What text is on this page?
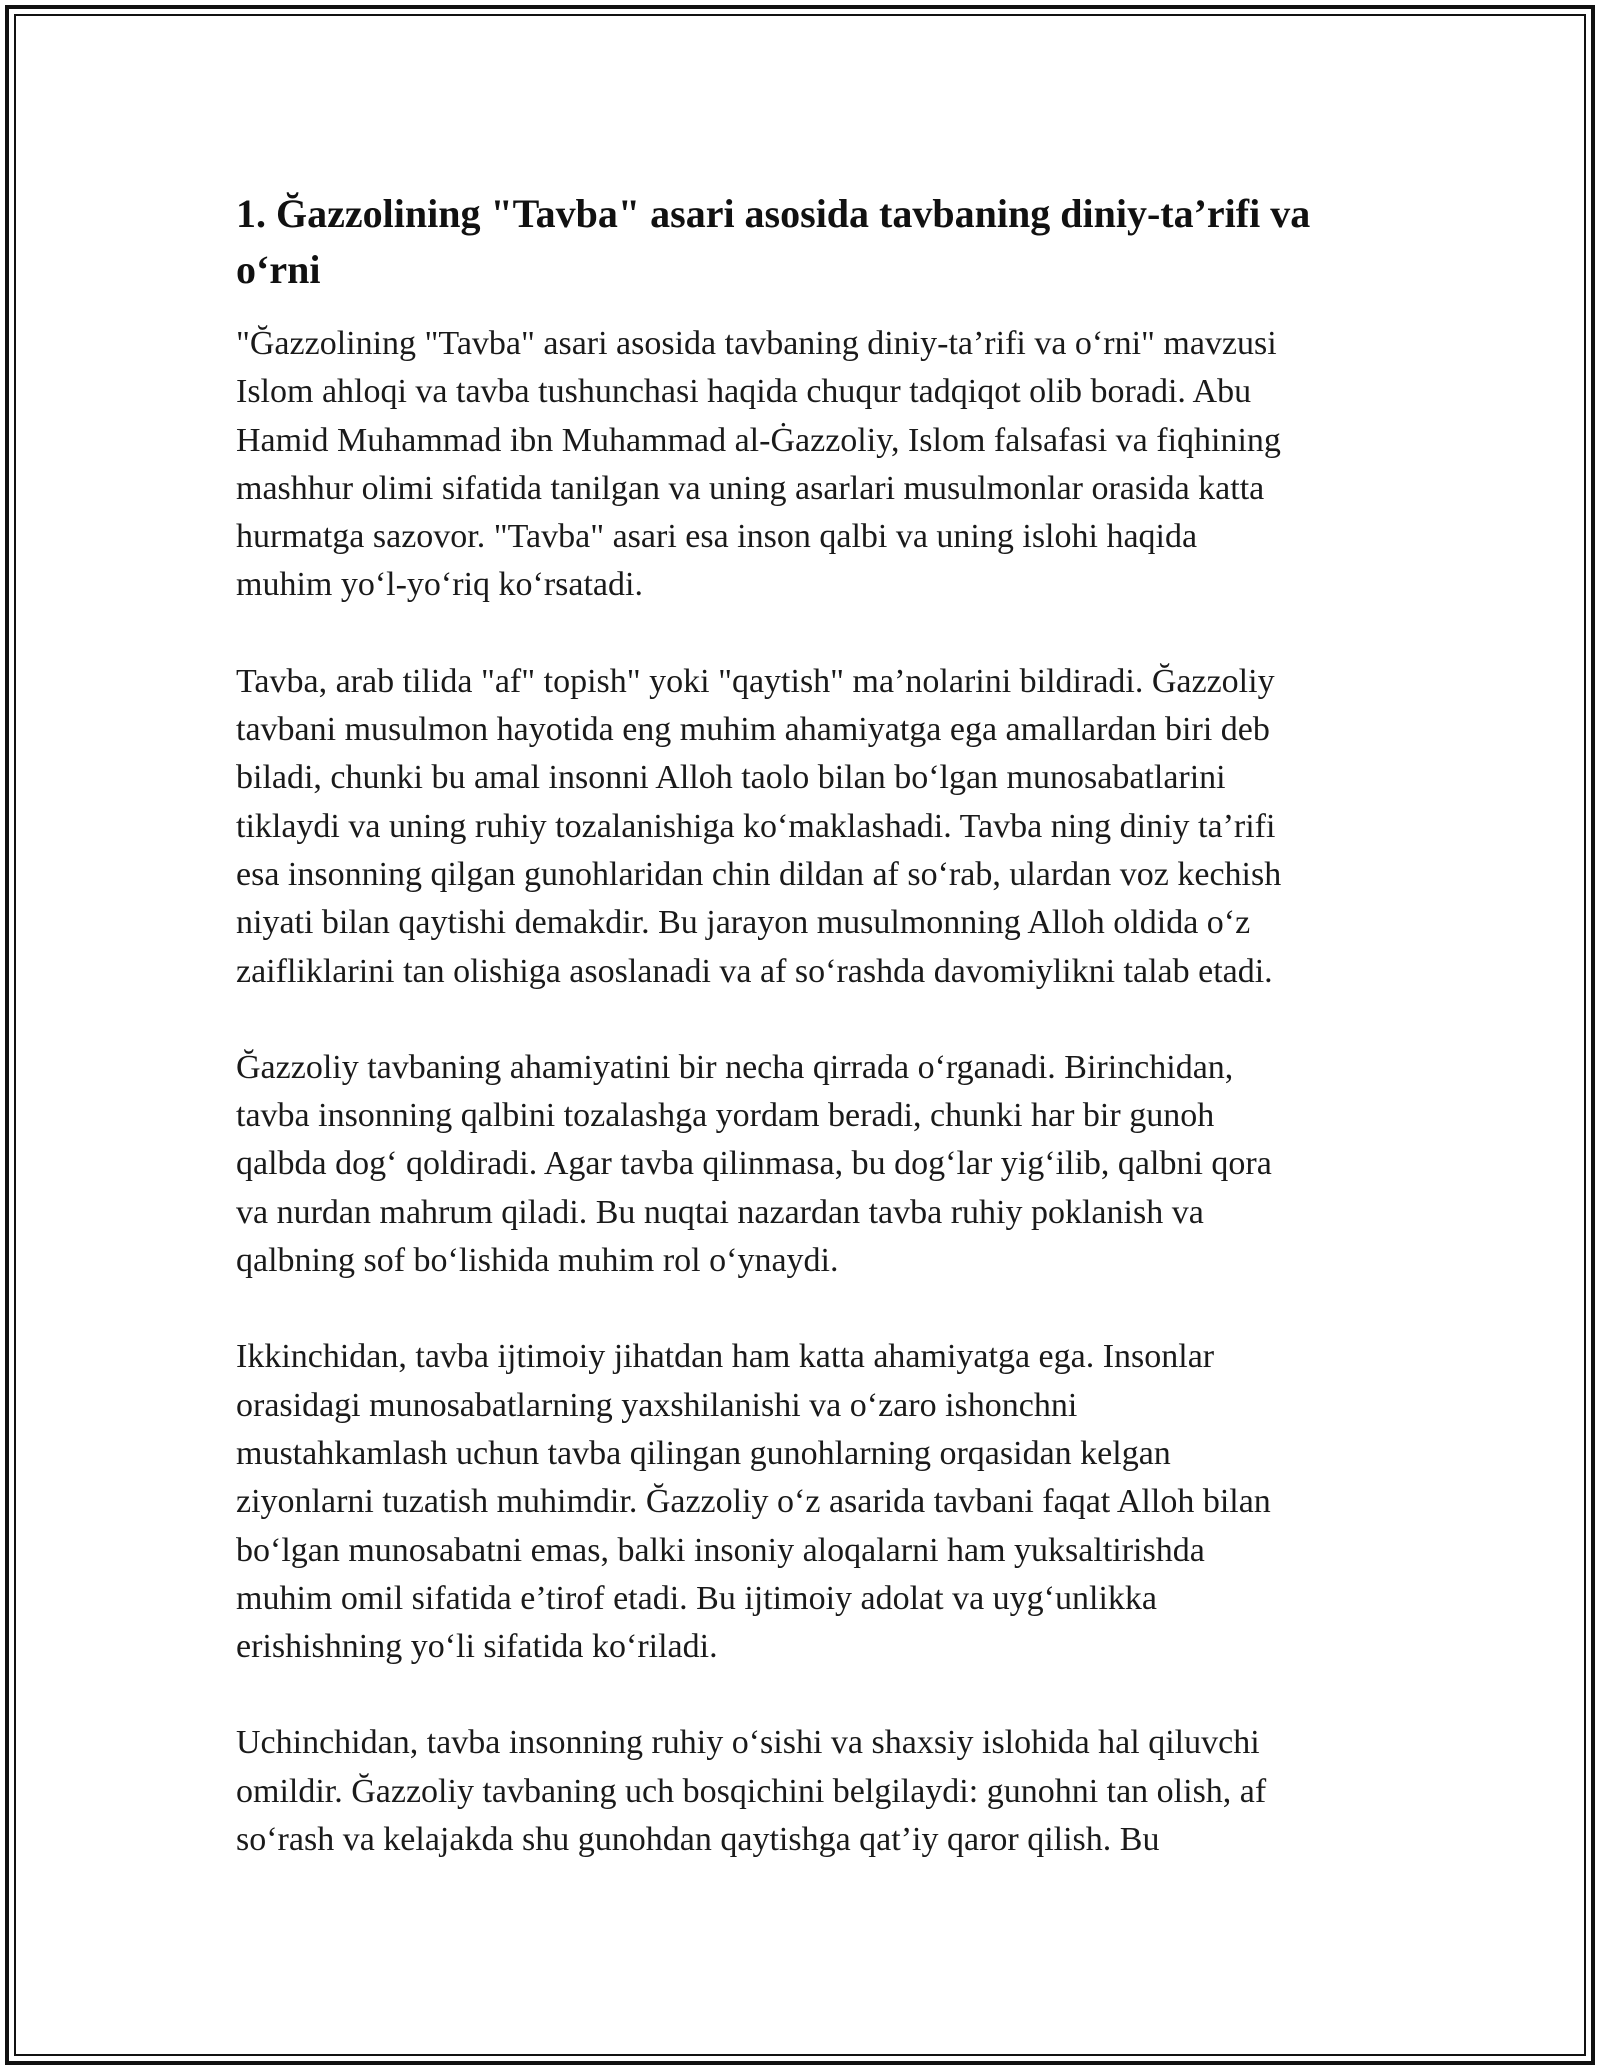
1. Ğazzolining "Tavba" asari asosida tavbaning diniy-ta’rifi va
o‘rni

"Ğazzolining "Tavba" asari asosida tavbaning diniy-ta’rifi va o‘rni" mavzusi
Islom ahloqi va tavba tushunchasi haqida chuqur tadqiqot olib boradi. Abu
Hamid Muhammad ibn Muhammad al-Ġazzoliy, Islom falsafasi va fiqhining
mashhur olimi sifatida tanilgan va uning asarlari musulmonlar orasida katta
hurmatga sazovor. "Tavba" asari esa inson qalbi va uning islohi haqida
muhim yo‘l-yo‘riq ko‘rsatadi.

Tavba, arab tilida "af" topish" yoki "qaytish" ma’nolarini bildiradi. Ğazzoliy
tavbani musulmon hayotida eng muhim ahamiyatga ega amallardan biri deb
biladi, chunki bu amal insonni Alloh taolo bilan bo‘lgan munosabatlarini
tiklaydi va uning ruhiy tozalanishiga ko‘maklashadi. Tavba ning diniy ta’rifi
esa insonning qilgan gunohlaridan chin dildan af so‘rab, ulardan voz kechish
niyati bilan qaytishi demakdir. Bu jarayon musulmonning Alloh oldida o‘z
zaifliklarini tan olishiga asoslanadi va af so‘rashda davomiylikni talab etadi.

Ğazzoliy tavbaning ahamiyatini bir necha qirrada o‘rganadi. Birinchidan,
tavba insonning qalbini tozalashga yordam beradi, chunki har bir gunoh
qalbda dog‘ qoldiradi. Agar tavba qilinmasa, bu dog‘lar yig‘ilib, qalbni qora
va nurdan mahrum qiladi. Bu nuqtai nazardan tavba ruhiy poklanish va
qalbning sof bo‘lishida muhim rol o‘ynaydi.

Ikkinchidan, tavba ijtimoiy jihatdan ham katta ahamiyatga ega. Insonlar
orasidagi munosabatlarning yaxshilanishi va o‘zaro ishonchni
mustahkamlash uchun tavba qilingan gunohlarning orqasidan kelgan
ziyonlarni tuzatish muhimdir. Ğazzoliy o‘z asarida tavbani faqat Alloh bilan
bo‘lgan munosabatni emas, balki insoniy aloqalarni ham yuksaltirishda
muhim omil sifatida e’tirof etadi. Bu ijtimoiy adolat va uyg‘unlikka
erishishning yo‘li sifatida ko‘riladi.

Uchinchidan, tavba insonning ruhiy o‘sishi va shaxsiy islohida hal qiluvchi
omildir. Ğazzoliy tavbaning uch bosqichini belgilaydi: gunohni tan olish, af
so‘rash va kelajakda shu gunohdan qaytishga qat’iy qaror qilish. Bu
